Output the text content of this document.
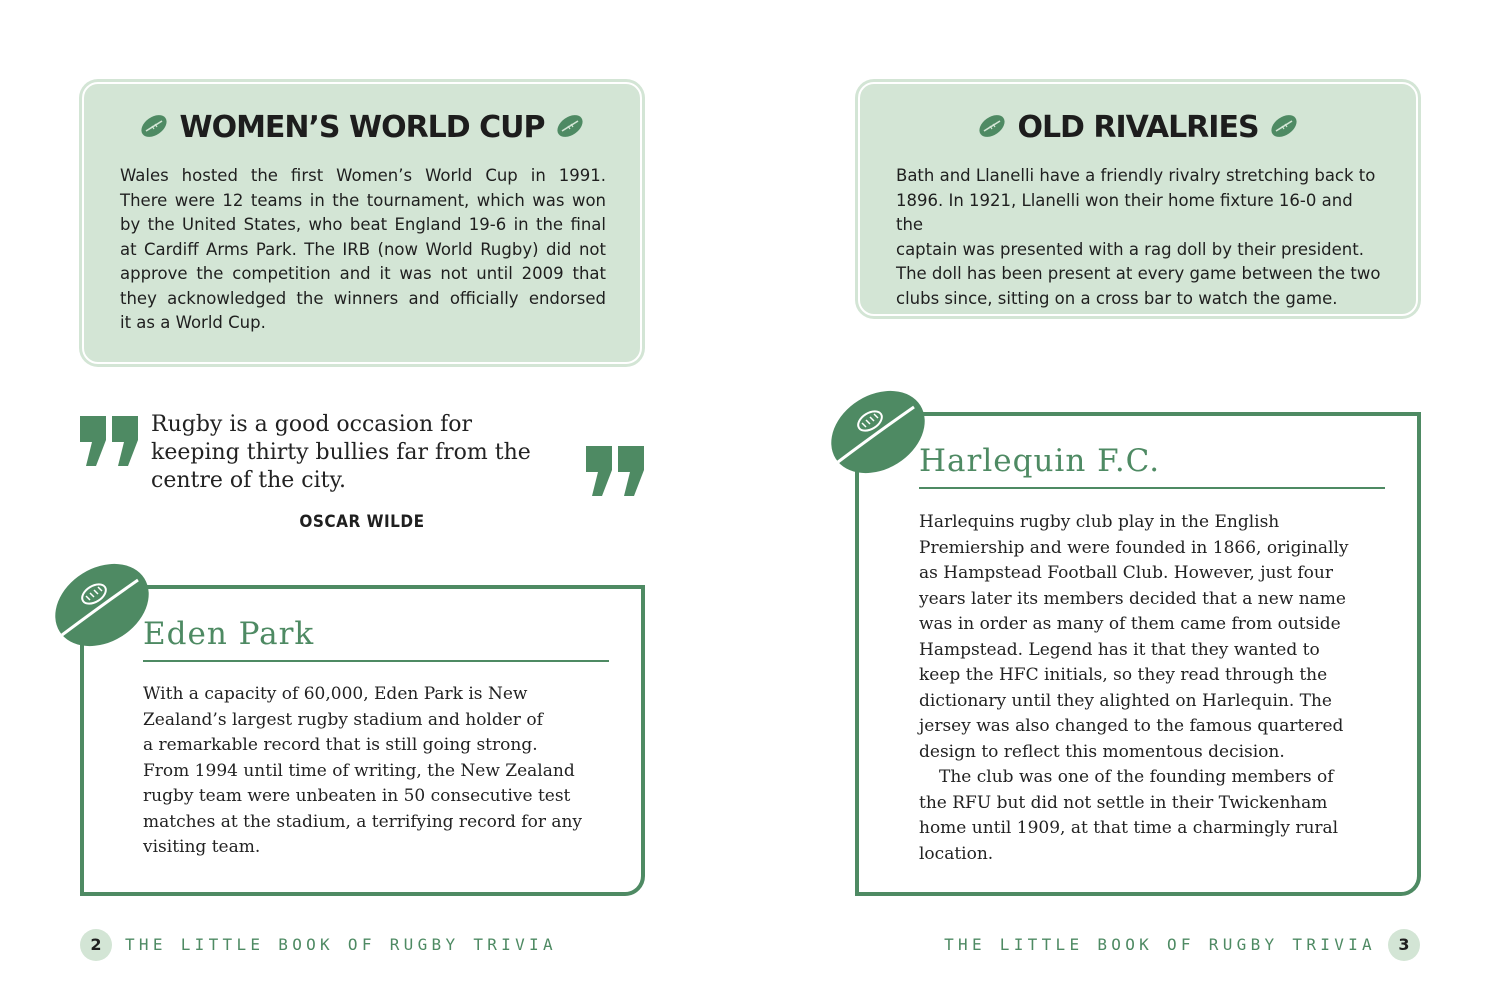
WOMEN’S WORLD CUP
Wales hosted the first Women’s World Cup in 1991.
There were 12 teams in the tournament, which was won
by the United States, who beat England 19-6 in the final
at Cardiff Arms Park. The IRB (now World Rugby) did not
approve the competition and it was not until 2009 that
they acknowledged the winners and officially endorsed
it as a World Cup.
Rugby is a good occasion for
keeping thirty bullies far from the
centre of the city.
OSCAR WILDE
Eden Park
With a capacity of 60,000, Eden Park is New
Zealand’s largest rugby stadium and holder of
a remarkable record that is still going strong.
From 1994 until time of writing, the New Zealand
rugby team were unbeaten in 50 consecutive test
matches at the stadium, a terrifying record for any
visiting team.
2	THE LITTLE BOOK OF RUGBY TRIVIA
OLD RIVALRIES
Bath and Llanelli have a friendly rivalry stretching back to
1896. In 1921, Llanelli won their home fixture 16-0 and the
captain was presented with a rag doll by their president.
The doll has been present at every game between the two
clubs since, sitting on a cross bar to watch the game.
Harlequin F.C.
Harlequins rugby club play in the English
Premiership and were founded in 1866, originally
as Hampstead Football Club. However, just four
years later its members decided that a new name
was in order as many of them came from outside
Hampstead. Legend has it that they wanted to
keep the HFC initials, so they read through the
dictionary until they alighted on Harlequin. The
jersey was also changed to the famous quartered
design to reflect this momentous decision.
The club was one of the founding members of
the RFU but did not settle in their Twickenham
home until 1909, at that time a charmingly rural
location.
THE LITTLE BOOK OF RUGBY TRIVIA	3
